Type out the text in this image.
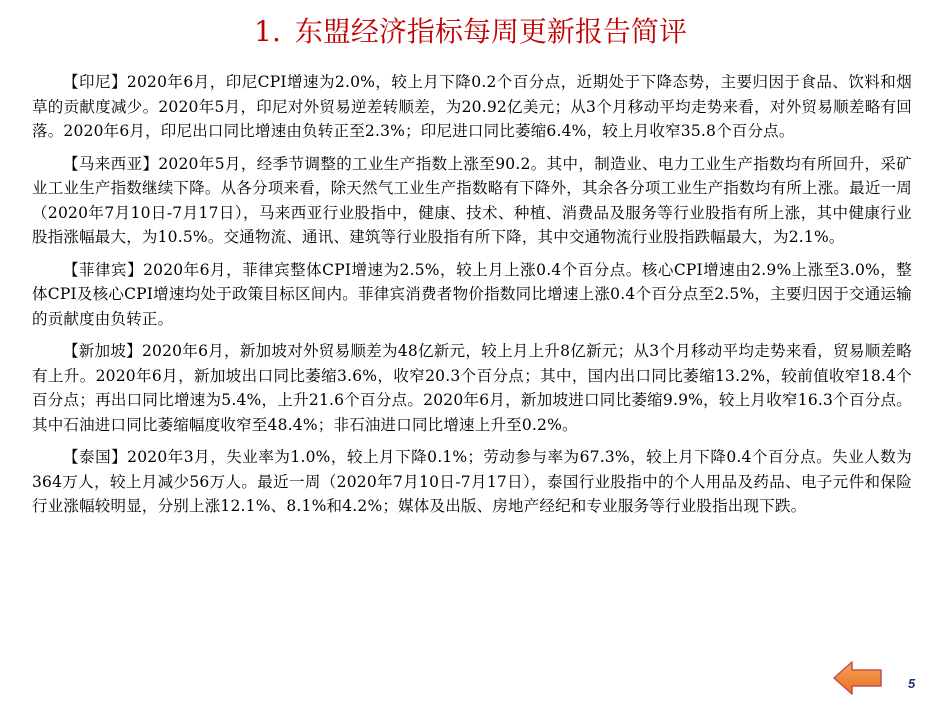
1. 东盟经济指标每周更新报告简评

【印尼】2020年6月，印尼CPI增速为2.0%，较上月下降0.2个百分点，近期处于下降态势，主要归因于食品、饮料和烟草的贡献度减少。2020年5月，印尼对外贸易逆差转顺差，为20.92亿美元；从3个月移动平均走势来看，对外贸易顺差略有回落。2020年6月，印尼出口同比增速由负转正至2.3%；印尼进口同比萎缩6.4%，较上月收窄35.8个百分点。

【马来西亚】2020年5月，经季节调整的工业生产指数上涨至90.2。其中，制造业、电力工业生产指数均有所回升，采矿业工业生产指数继续下降。从各分项来看，除天然气工业生产指数略有下降外，其余各分项工业生产指数均有所上涨。最近一周（2020年7月10日-7月17日），马来西亚行业股指中，健康、技术、种植、消费品及服务等行业股指有所上涨，其中健康行业股指涨幅最大，为10.5%。交通物流、通讯、建筑等行业股指有所下降，其中交通物流行业股指跌幅最大，为2.1%。

【菲律宾】2020年6月，菲律宾整体CPI增速为2.5%，较上月上涨0.4个百分点。核心CPI增速由2.9%上涨至3.0%，整体CPI及核心CPI增速均处于政策目标区间内。菲律宾消费者物价指数同比增速上涨0.4个百分点至2.5%，主要归因于交通运输的贡献度由负转正。

【新加坡】2020年6月，新加坡对外贸易顺差为48亿新元，较上月上升8亿新元；从3个月移动平均走势来看，贸易顺差略有上升。2020年6月，新加坡出口同比萎缩3.6%，收窄20.3个百分点；其中，国内出口同比萎缩13.2%，较前值收窄18.4个百分点；再出口同比增速为5.4%，上升21.6个百分点。2020年6月，新加坡进口同比萎缩9.9%，较上月收窄16.3个百分点。其中石油进口同比萎缩幅度收窄至48.4%；非石油进口同比增速上升至0.2%。

【泰国】2020年3月，失业率为1.0%，较上月下降0.1%；劳动参与率为67.3%，较上月下降0.4个百分点。失业人数为364万人，较上月减少56万人。最近一周（2020年7月10日-7月17日），泰国行业股指中的个人用品及药品、电子元件和保险行业涨幅较明显，分别上涨12.1%、8.1%和4.2%；媒体及出版、房地产经纪和专业服务等行业股指出现下跌。

5
